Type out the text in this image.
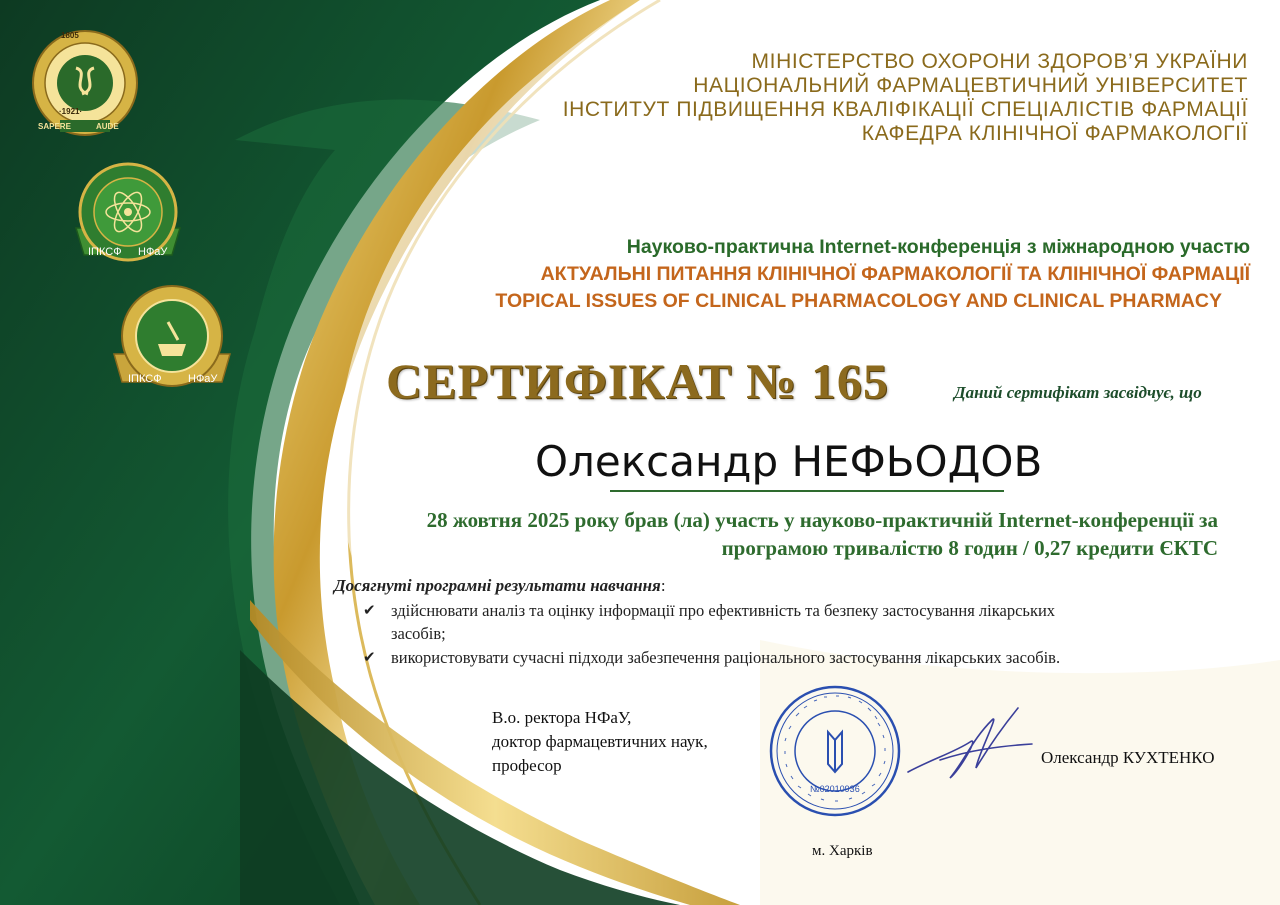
1805

·1921·

SAPERE	AUDE

ІПКСФ НФаУ

ІПКСФ НФаУ

МІНІСТЕРСТВО ОХОРОНИ ЗДОРОВ’Я УКРАЇНИ

НАЦІОНАЛЬНИЙ ФАРМАЦЕВТИЧНИЙ УНІВЕРСИТЕТ

ІНСТИТУТ ПІДВИЩЕННЯ КВАЛІФІКАЦІЇ СПЕЦІАЛІСТІВ ФАРМАЦІЇ

КАФЕДРА КЛІНІЧНОЇ ФАРМАКОЛОГІЇ

Науково-практична Internet-конференція з міжнародною участю

АКТУАЛЬНІ ПИТАННЯ КЛІНІЧНОЇ ФАРМАКОЛОГІЇ ТА КЛІНІЧНОЇ ФАРМАЦІЇ

TOPICAL ISSUES OF CLINICAL PHARMACOLOGY AND CLINICAL PHARMACY

СЕРТИФІКАТ № 165	Даний сертифікат засвідчує, що

Олександр НЕФЬОДОВ

28 жовтня 2025 року брав (ла) участь у науково-практичній Internet-конференції за

програмою тривалістю 8 годин / 0,27 кредити ЄКТС

Досягнуті програмні результати навчання:

✔ здійснювати аналіз та оцінку інформації про ефективність та безпеку застосування лікарських

засобів;

✔ використовувати сучасні підходи забезпечення раціонального застосування лікарських засобів.

В.о. ректора НФаУ,

доктор фармацевтичних наук,

професор

№02010936

Олександр КУХТЕНКО

м. Харків
